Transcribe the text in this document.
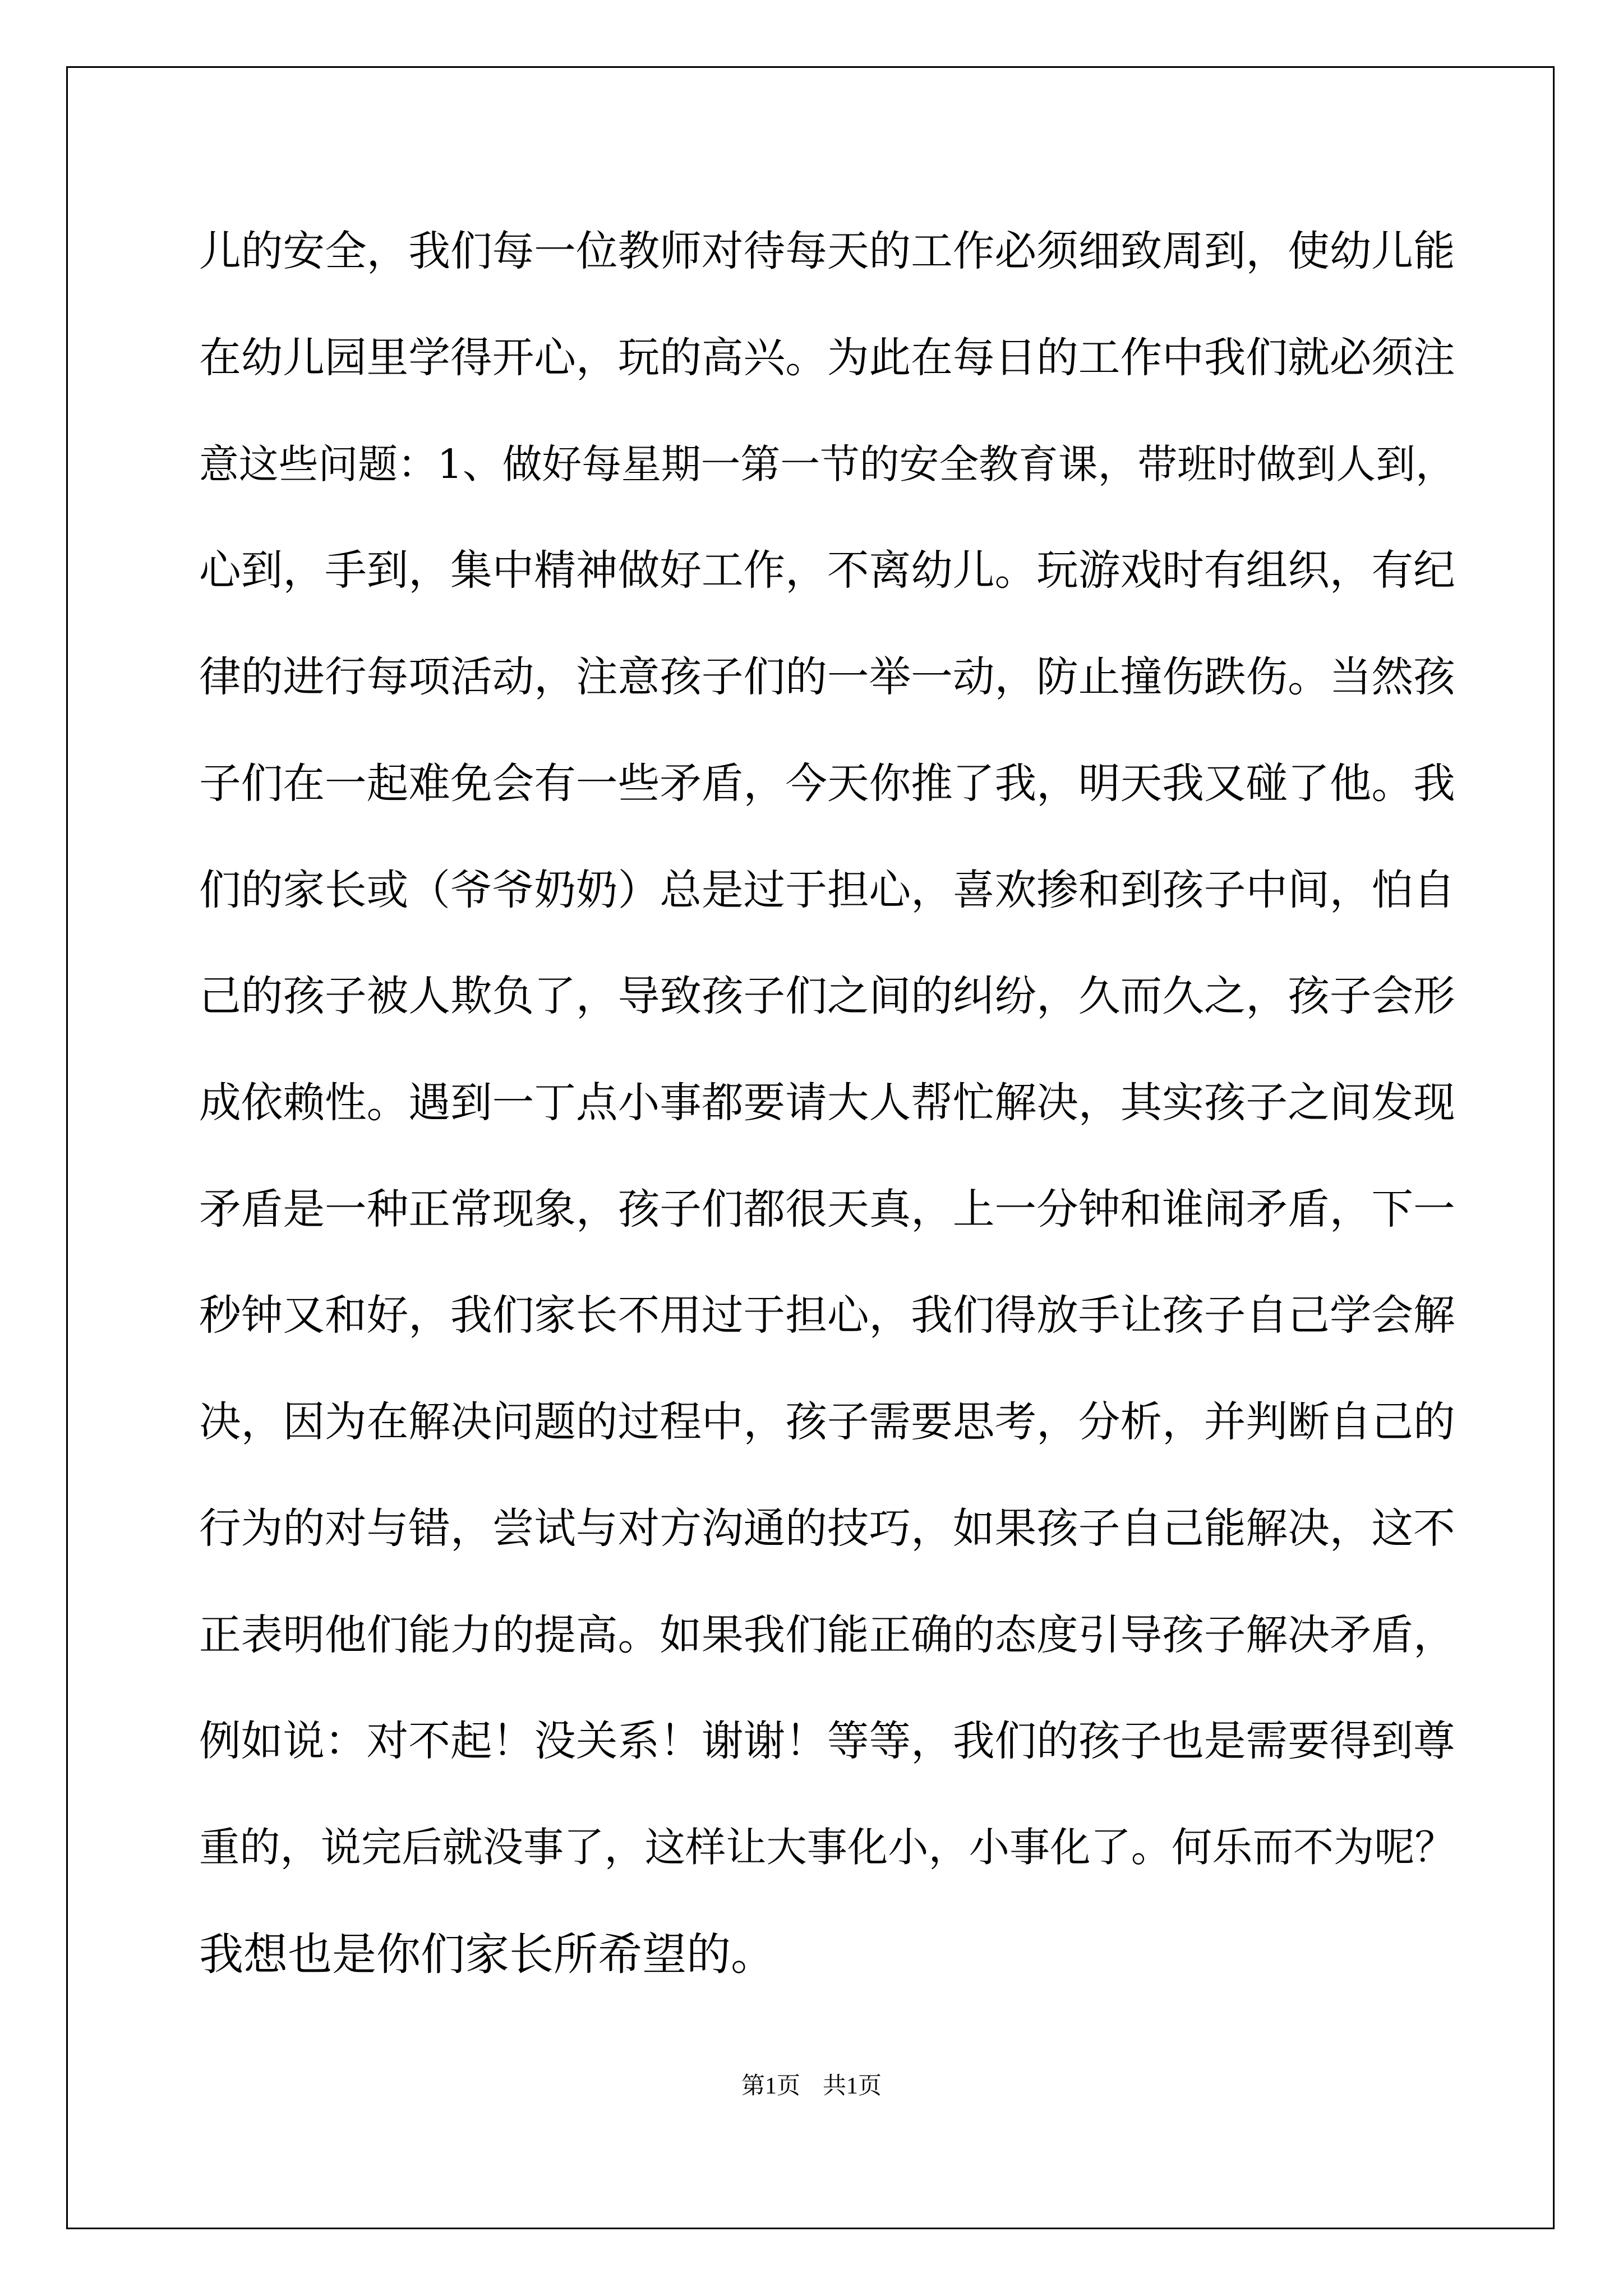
儿的安全，我们每一位教师对待每天的工作必须细致周到，使幼儿能
在幼儿园里学得开心，玩的高兴。为此在每日的工作中我们就必须注
意这些问题：1、做好每星期一第一节的安全教育课，带班时做到人到，
心到，手到，集中精神做好工作，不离幼儿。玩游戏时有组织，有纪
律的进行每项活动，注意孩子们的一举一动，防止撞伤跌伤。当然孩
子们在一起难免会有一些矛盾，今天你推了我，明天我又碰了他。我
们的家长或（爷爷奶奶）总是过于担心，喜欢掺和到孩子中间，怕自
己的孩子被人欺负了，导致孩子们之间的纠纷，久而久之，孩子会形
成依赖性。遇到一丁点小事都要请大人帮忙解决，其实孩子之间发现
矛盾是一种正常现象，孩子们都很天真，上一分钟和谁闹矛盾，下一
秒钟又和好，我们家长不用过于担心，我们得放手让孩子自己学会解
决，因为在解决问题的过程中，孩子需要思考，分析，并判断自己的
行为的对与错，尝试与对方沟通的技巧，如果孩子自己能解决，这不
正表明他们能力的提高。如果我们能正确的态度引导孩子解决矛盾，
例如说：对不起！没关系！谢谢！等等，我们的孩子也是需要得到尊
重的，说完后就没事了，这样让大事化小，小事化了。何乐而不为呢？
我想也是你们家长所希望的。
第1页 共1页
